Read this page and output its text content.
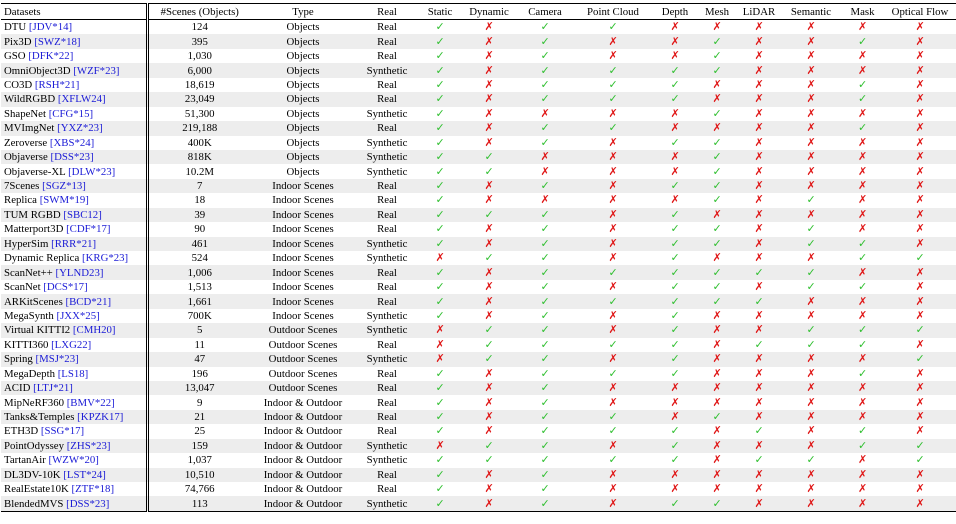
Datasets	#Scenes (Objects)	Type	Real	Static	Dynamic	Camera	Point Cloud	Depth	Mesh	LiDAR	Semantic	Mask	Optical Flow
DTU [JDV*14]	124	Objects	Real	✓	✗	✓	✓	✗	✗	✗	✗	✗	✗
Pix3D [SWZ*18]	395	Objects	Real	✓	✗	✓	✗	✗	✓	✗	✗	✓	✗
GSO [DFK*22]	1,030	Objects	Real	✓	✗	✓	✗	✗	✓	✗	✗	✗	✗
OmniObject3D [WZF*23]	6,000	Objects	Synthetic	✓	✗	✓	✓	✓	✓	✗	✗	✗	✗
CO3D [RSH*21]	18,619	Objects	Real	✓	✗	✓	✓	✓	✗	✗	✗	✓	✗
WildRGBD [XFLW24]	23,049	Objects	Real	✓	✗	✓	✓	✓	✗	✗	✗	✓	✗
ShapeNet [CFG*15]	51,300	Objects	Synthetic	✓	✗	✗	✗	✗	✓	✗	✗	✗	✗
MVImgNet [YXZ*23]	219,188	Objects	Real	✓	✗	✓	✓	✗	✗	✗	✗	✓	✗
Zeroverse [XBS*24]	400K	Objects	Synthetic	✓	✗	✓	✗	✓	✓	✗	✗	✗	✗
Objaverse [DSS*23]	818K	Objects	Synthetic	✓	✓	✗	✗	✗	✓	✗	✗	✗	✗
Objaverse-XL [DLW*23]	10.2M	Objects	Synthetic	✓	✓	✗	✗	✗	✓	✗	✗	✗	✗
7Scenes [SGZ*13]	7	Indoor Scenes	Real	✓	✗	✓	✗	✓	✓	✗	✗	✗	✗
Replica [SWM*19]	18	Indoor Scenes	Real	✓	✗	✗	✗	✗	✓	✗	✓	✗	✗
TUM RGBD [SBC12]	39	Indoor Scenes	Real	✓	✓	✓	✗	✓	✗	✗	✗	✗	✗
Matterport3D [CDF*17]	90	Indoor Scenes	Real	✓	✗	✓	✗	✓	✓	✗	✓	✗	✗
HyperSim [RRR*21]	461	Indoor Scenes	Synthetic	✓	✗	✓	✗	✓	✓	✗	✓	✓	✗
Dynamic Replica [KRG*23]	524	Indoor Scenes	Synthetic	✗	✓	✓	✗	✓	✗	✗	✗	✓	✓
ScanNet++ [YLND23]	1,006	Indoor Scenes	Real	✓	✗	✓	✓	✓	✓	✓	✓	✗	✗
ScanNet [DCS*17]	1,513	Indoor Scenes	Real	✓	✗	✓	✗	✓	✓	✗	✓	✓	✗
ARKitScenes [BCD*21]	1,661	Indoor Scenes	Real	✓	✗	✓	✓	✓	✓	✓	✗	✗	✗
MegaSynth [JXX*25]	700K	Indoor Scenes	Synthetic	✓	✗	✓	✗	✓	✗	✗	✗	✗	✗
Virtual KITTI2 [CMH20]	5	Outdoor Scenes	Synthetic	✗	✓	✓	✗	✓	✗	✗	✓	✓	✓
KITTI360 [LXG22]	11	Outdoor Scenes	Real	✗	✓	✓	✓	✓	✗	✓	✓	✓	✗
Spring [MSJ*23]	47	Outdoor Scenes	Synthetic	✗	✓	✓	✗	✓	✗	✗	✗	✗	✓
MegaDepth [LS18]	196	Outdoor Scenes	Real	✓	✗	✓	✓	✓	✗	✗	✗	✓	✗
ACID [LTJ*21]	13,047	Outdoor Scenes	Real	✓	✗	✓	✗	✗	✗	✗	✗	✗	✗
MipNeRF360 [BMV*22]	9	Indoor & Outdoor	Real	✓	✗	✓	✗	✗	✗	✗	✗	✗	✗
Tanks&Temples [KPZK17]	21	Indoor & Outdoor	Real	✓	✗	✓	✓	✗	✓	✗	✗	✗	✗
ETH3D [SSG*17]	25	Indoor & Outdoor	Real	✓	✗	✓	✓	✓	✗	✓	✗	✓	✗
PointOdyssey [ZHS*23]	159	Indoor & Outdoor	Synthetic	✗	✓	✓	✗	✓	✗	✗	✗	✓	✓
TartanAir [WZW*20]	1,037	Indoor & Outdoor	Synthetic	✓	✓	✓	✓	✓	✗	✓	✓	✗	✓
DL3DV-10K [LST*24]	10,510	Indoor & Outdoor	Real	✓	✗	✓	✗	✗	✗	✗	✗	✗	✗
RealEstate10K [ZTF*18]	74,766	Indoor & Outdoor	Real	✓	✗	✓	✗	✗	✗	✗	✗	✗	✗
BlendedMVS [DSS*23]	113	Indoor & Outdoor	Synthetic	✓	✗	✓	✗	✓	✓	✗	✗	✗	✗
